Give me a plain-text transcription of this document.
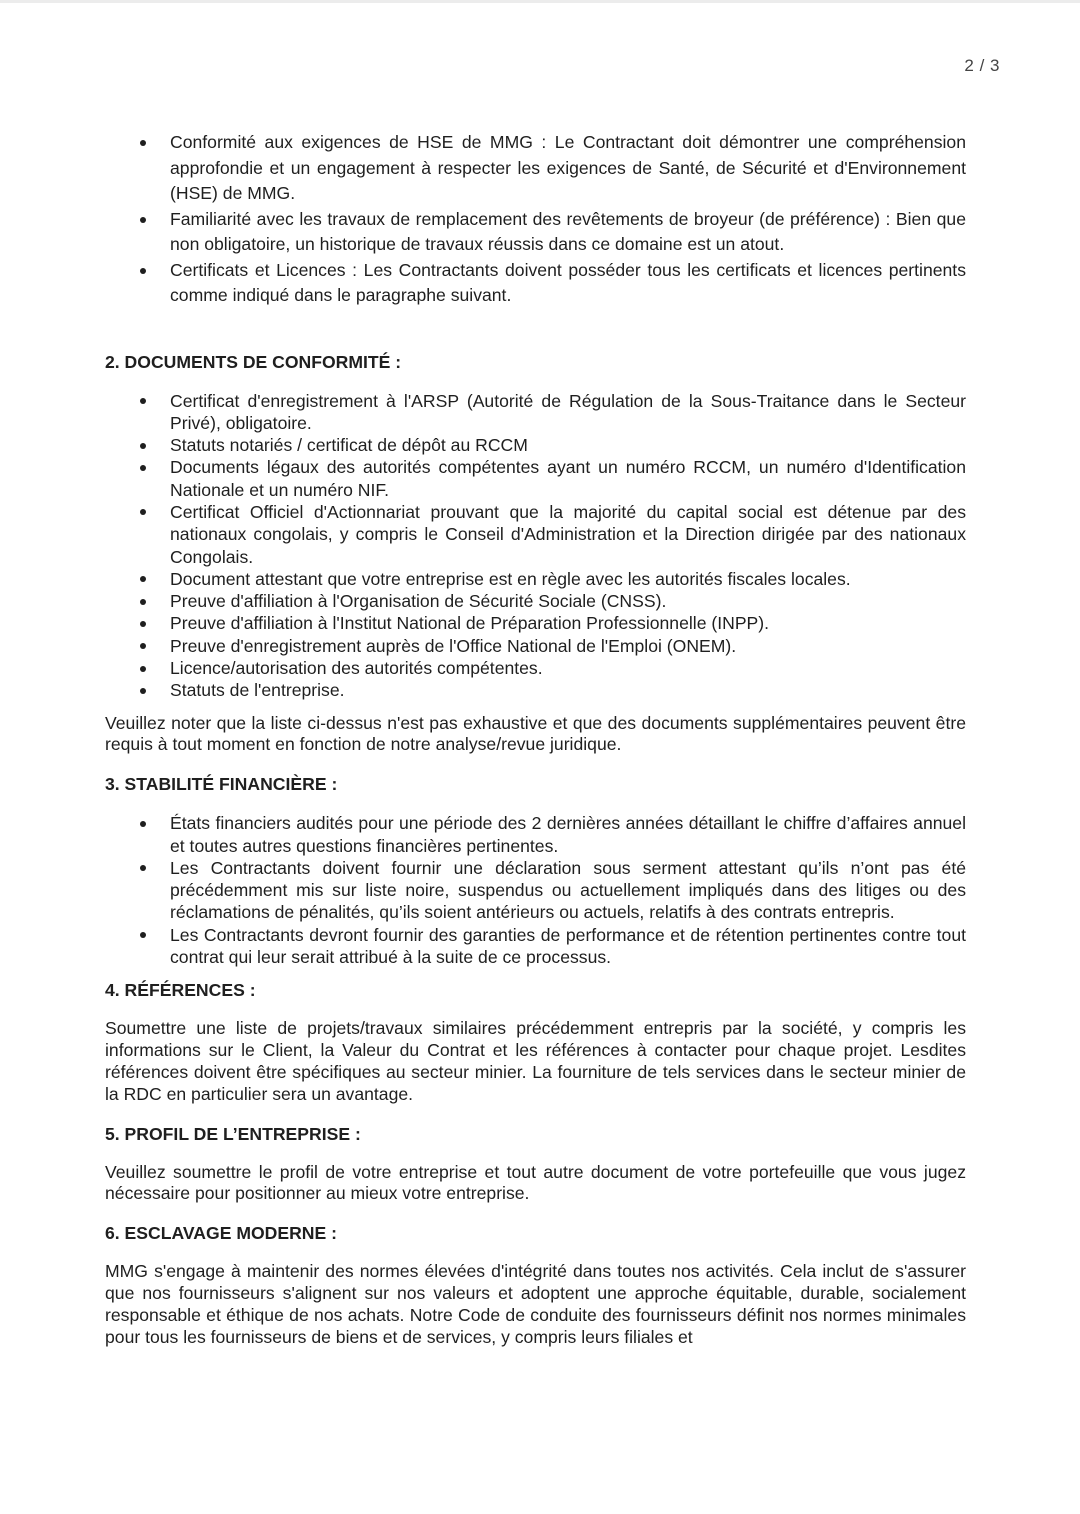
2 / 3
Conformité aux exigences de HSE de MMG : Le Contractant doit démontrer une compréhension approfondie et un engagement à respecter les exigences de Santé, de Sécurité et d'Environnement (HSE) de MMG.
Familiarité avec les travaux de remplacement des revêtements de broyeur (de préférence) : Bien que non obligatoire, un historique de travaux réussis dans ce domaine est un atout.
Certificats et Licences : Les Contractants doivent posséder tous les certificats et licences pertinents comme indiqué dans le paragraphe suivant.
2. DOCUMENTS DE CONFORMITÉ :
Certificat d'enregistrement à l'ARSP (Autorité de Régulation de la Sous-Traitance dans le Secteur Privé), obligatoire.
Statuts notariés / certificat de dépôt au RCCM
Documents légaux des autorités compétentes ayant un numéro RCCM, un numéro d'Identification Nationale et un numéro NIF.
Certificat Officiel d'Actionnariat prouvant que la majorité du capital social est détenue par des nationaux congolais, y compris le Conseil d'Administration et la Direction dirigée par des nationaux Congolais.
Document attestant que votre entreprise est en règle avec les autorités fiscales locales.
Preuve d'affiliation à l'Organisation de Sécurité Sociale (CNSS).
Preuve d'affiliation à l'Institut National de Préparation Professionnelle (INPP).
Preuve d'enregistrement auprès de l'Office National de l'Emploi (ONEM).
Licence/autorisation des autorités compétentes.
Statuts de l'entreprise.

Veuillez noter que la liste ci-dessus n'est pas exhaustive et que des documents supplémentaires peuvent être requis à tout moment en fonction de notre analyse/revue juridique.

3. STABILITÉ FINANCIÈRE :
États financiers audités pour une période des 2 dernières années détaillant le chiffre d’affaires annuel et toutes autres questions financières pertinentes.
Les Contractants doivent fournir une déclaration sous serment attestant qu’ils n’ont pas été précédemment mis sur liste noire, suspendus ou actuellement impliqués dans des litiges ou des réclamations de pénalités, qu’ils soient antérieurs ou actuels, relatifs à des contrats entrepris.
Les Contractants devront fournir des garanties de performance et de rétention pertinentes contre tout contrat qui leur serait attribué à la suite de ce processus.
4. RÉFÉRENCES :

Soumettre une liste de projets/travaux similaires précédemment entrepris par la société, y compris les informations sur le Client, la Valeur du Contrat et les références à contacter pour chaque projet. Lesdites références doivent être spécifiques au secteur minier. La fourniture de tels services dans le secteur minier de la RDC en particulier sera un avantage.

5. PROFIL DE L’ENTREPRISE :

Veuillez soumettre le profil de votre entreprise et tout autre document de votre portefeuille que vous jugez nécessaire pour positionner au mieux votre entreprise.

6. ESCLAVAGE MODERNE :

MMG s'engage à maintenir des normes élevées d'intégrité dans toutes nos activités. Cela inclut de s'assurer que nos fournisseurs s'alignent sur nos valeurs et adoptent une approche équitable, durable, socialement responsable et éthique de nos achats. Notre Code de conduite des fournisseurs définit nos normes minimales pour tous les fournisseurs de biens et de services, y compris leurs filiales et
